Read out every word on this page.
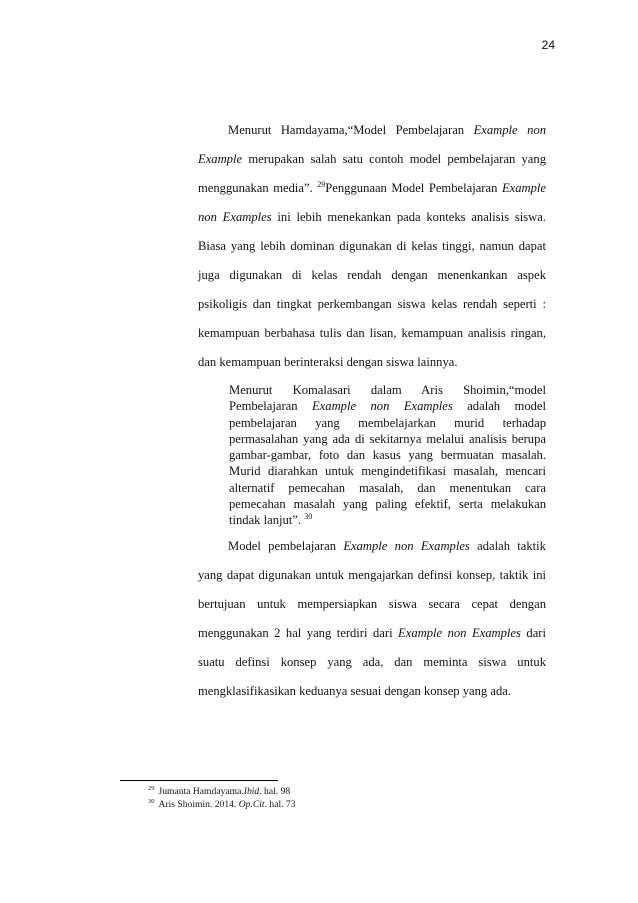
24
Menurut Hamdayama,“Model Pembelajaran Example non
Example merupakan salah satu contoh model pembelajaran yang
menggunakan media”. $^{29}$Penggunaan Model Pembelajaran Example
non Examples ini lebih menekankan pada konteks analisis siswa.
Biasa yang lebih dominan digunakan di kelas tinggi, namun dapat
juga digunakan di kelas rendah dengan menenkankan aspek
psikoligis dan tingkat perkembangan siswa kelas rendah seperti :
kemampuan berbahasa tulis dan lisan, kemampuan analisis ringan,
dan kemampuan berinteraksi dengan siswa lainnya.
Menurut Komalasari dalam Aris Shoimin,“model
Pembelajaran Example non Examples adalah model
pembelajaran yang membelajarkan murid terhadap
permasalahan yang ada di sekitarnya melalui analisis berupa
gambar-gambar, foto dan kasus yang bermuatan masalah.
Murid diarahkan untuk mengindetifikasi masalah, mencari
alternatif pemecahan masalah, dan menentukan cara
pemecahan masalah yang paling efektif, serta melakukan
tindak lanjut”. $^{30}$
Model pembelajaran Example non Examples adalah taktik
yang dapat digunakan untuk mengajarkan definsi konsep, taktik ini
bertujuan untuk mempersiapkan siswa secara cepat dengan
menggunakan 2 hal yang terdiri dari Example non Examples dari
suatu definsi konsep yang ada, dan meminta siswa untuk
mengklasifikasikan keduanya sesuai dengan konsep yang ada.
$^{29}$ Jumanta Hamdayama.Ibid. hal. 98
$^{30}$ Aris Shoimin. 2014. Op.Cit. hal. 73
